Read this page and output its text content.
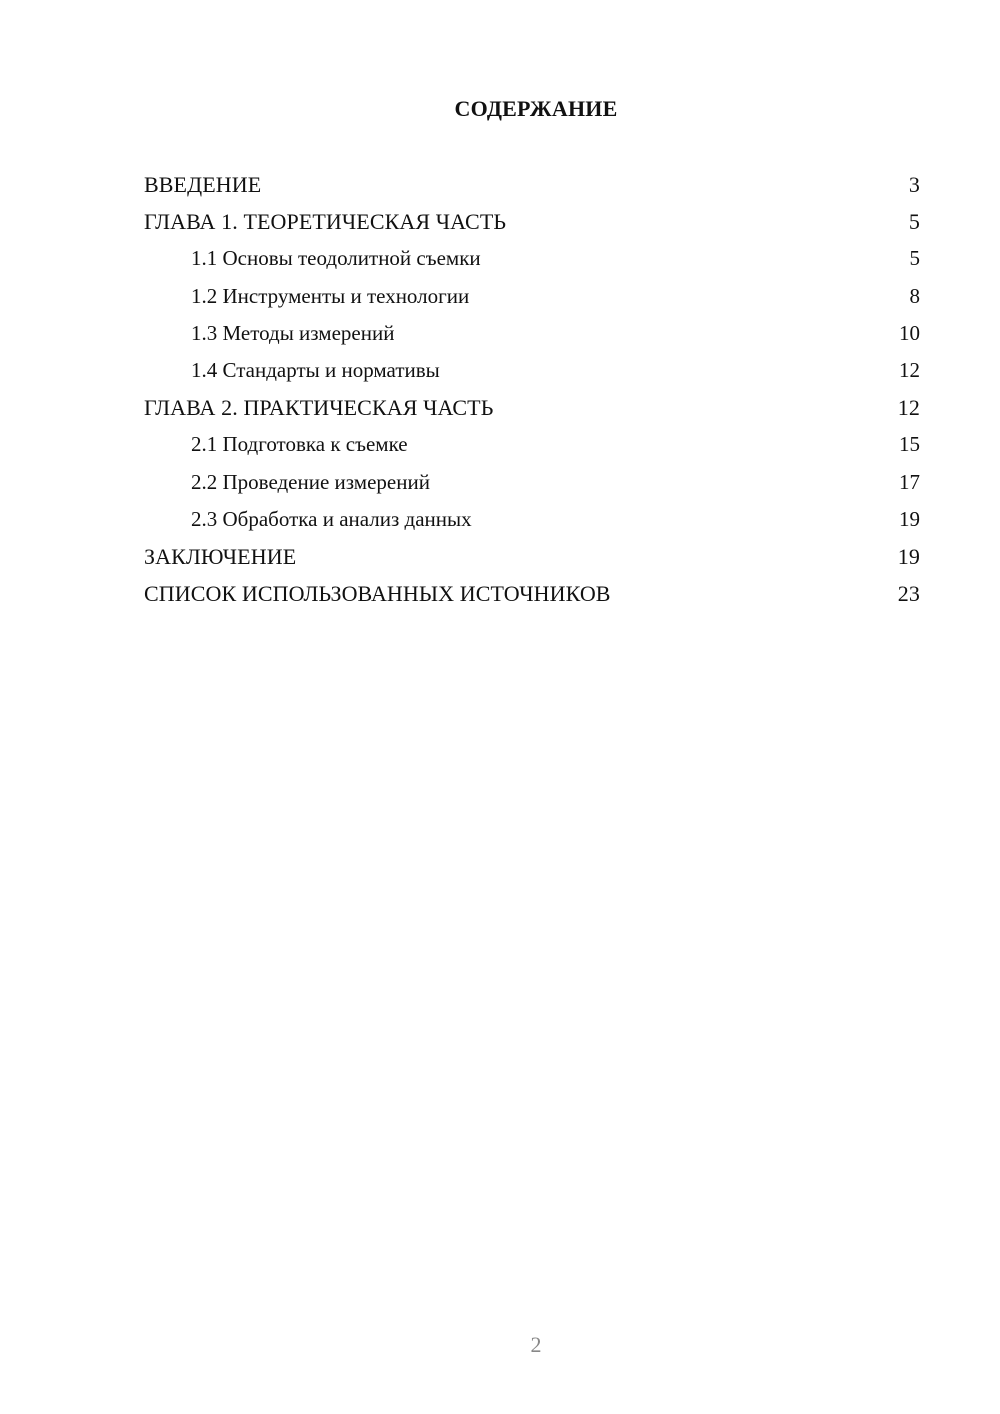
СОДЕРЖАНИЕ
ВВЕДЕНИЕ	3
ГЛАВА 1. ТЕОРЕТИЧЕСКАЯ ЧАСТЬ	5
1.1 Основы теодолитной съемки	5
1.2 Инструменты и технологии	8
1.3 Методы измерений	10
1.4 Стандарты и нормативы	12
ГЛАВА 2. ПРАКТИЧЕСКАЯ ЧАСТЬ	12
2.1 Подготовка к съемке	15
2.2 Проведение измерений	17
2.3 Обработка и анализ данных	19
ЗАКЛЮЧЕНИЕ	19
СПИСОК ИСПОЛЬЗОВАННЫХ ИСТОЧНИКОВ	23
2
